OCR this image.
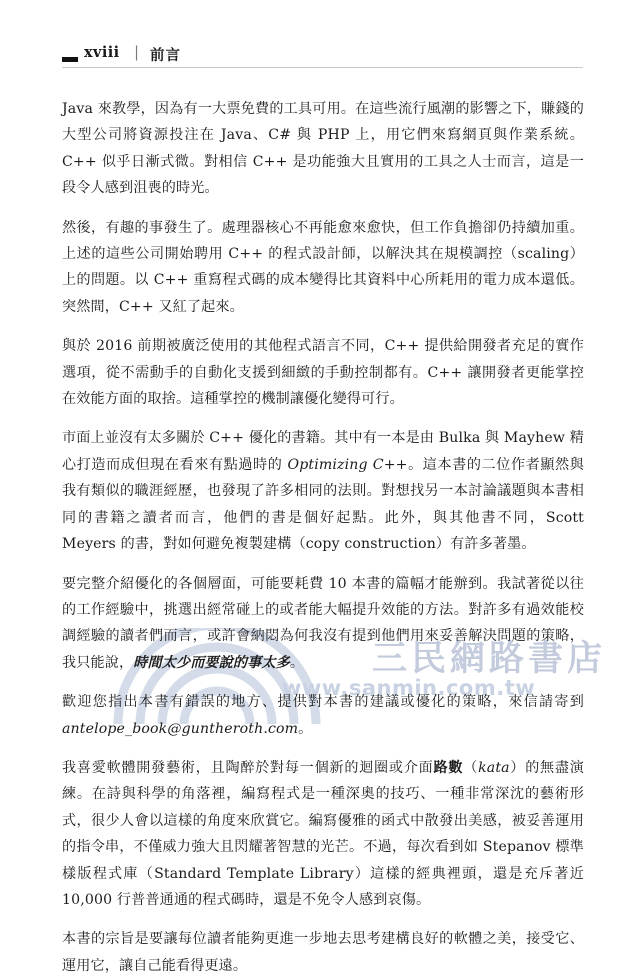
三民網路書店
www.sanmin.com.tw
xviii | 前言

Java 來教學，因為有一大票免費的工具可用。在這些流行風潮的影響之下，賺錢的大型公司將資源投注在 Java、C# 與 PHP 上，用它們來寫網頁與作業系統。C++ 似乎日漸式微。對相信 C++ 是功能強大且實用的工具之人士而言，這是一段令人感到沮喪的時光。

然後，有趣的事發生了。處理器核心不再能愈來愈快，但工作負擔卻仍持續加重。上述的這些公司開始聘用 C++ 的程式設計師，以解決其在規模調控（scaling）上的問題。以 C++ 重寫程式碼的成本變得比其資料中心所耗用的電力成本還低。突然間，C++ 又紅了起來。

與於 2016 前期被廣泛使用的其他程式語言不同，C++ 提供給開發者充足的實作選項，從不需動手的自動化支援到細緻的手動控制都有。C++ 讓開發者更能掌控在效能方面的取捨。這種掌控的機制讓優化變得可行。

市面上並沒有太多關於 C++ 優化的書籍。其中有一本是由 Bulka 與 Mayhew 精心打造而成但現在看來有點過時的 Optimizing C++。這本書的二位作者顯然與我有類似的職涯經歷，也發現了許多相同的法則。對想找另一本討論議題與本書相同的書籍之讀者而言，他們的書是個好起點。此外，與其他書不同，Scott Meyers 的書，對如何避免複製建構（copy construction）有許多著墨。

要完整介紹優化的各個層面，可能要耗費 10 本書的篇幅才能辦到。我試著從以往的工作經驗中，挑選出經常碰上的或者能大幅提升效能的方法。對許多有過效能校調經驗的讀者們而言，或許會納悶為何我沒有提到他們用來妥善解決問題的策略，我只能說，時間太少而要說的事太多。

歡迎您指出本書有錯誤的地方、提供對本書的建議或優化的策略，來信請寄到 antelope_book@guntheroth.com。

我喜愛軟體開發藝術，且陶醉於對每一個新的迴圈或介面路數（kata）的無盡演練。在詩與科學的角落裡，編寫程式是一種深奧的技巧、一種非常深沈的藝術形式，很少人會以這樣的角度來欣賞它。編寫優雅的函式中散發出美感，被妥善運用的指令串，不僅威力強大且閃耀著智慧的光芒。不過，每次看到如 Stepanov 標準樣版程式庫（Standard Template Library）這樣的經典裡頭，還是充斥著近 10,000 行普普通通的程式碼時，還是不免令人感到哀傷。

本書的宗旨是要讓每位讀者能夠更進一步地去思考建構良好的軟體之美，接受它、運用它，讓自己能看得更遠。
